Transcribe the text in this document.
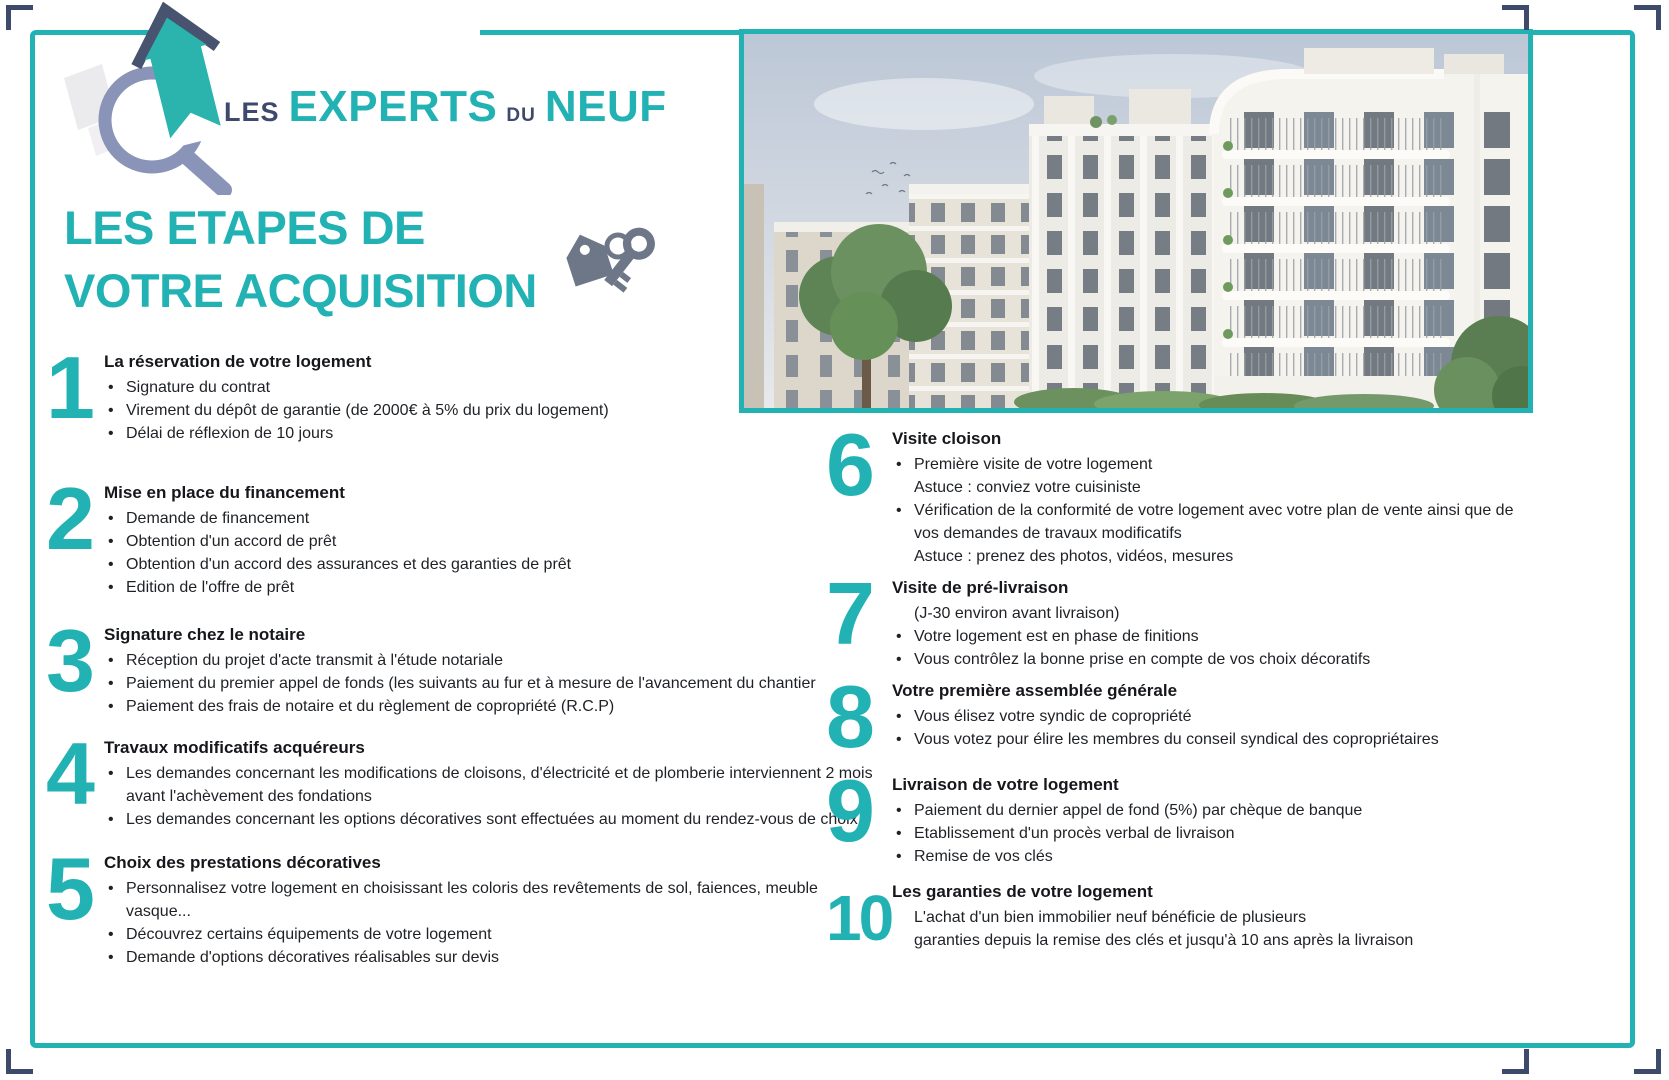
LES EXPERTS DU NEUF
LES ETAPES DE
VOTRE ACQUISITION
1 La réservation de votre logement
• Signature du contrat
• Virement du dépôt de garantie (de 2000€ à 5% du prix du logement)
• Délai de réflexion de 10 jours
2 Mise en place du financement
• Demande de financement
• Obtention d'un accord de prêt
• Obtention d'un accord des assurances et des garanties de prêt
• Edition de l'offre de prêt
3 Signature chez le notaire
• Réception du projet d'acte transmit à l'étude notariale
• Paiement du premier appel de fonds (les suivants au fur et à mesure de l'avancement du chantier
• Paiement des frais de notaire et du règlement de copropriété (R.C.P)
4 Travaux modificatifs acquéreurs
• Les demandes concernant les modifications de cloisons, d'électricité et de plomberie interviennent 2 mois avant l'achèvement des fondations
• Les demandes concernant les options décoratives sont effectuées au moment du rendez-vous de choix
5 Choix des prestations décoratives
• Personnalisez votre logement en choisissant les coloris des revêtements de sol, faiences, meuble vasque...
• Découvrez certains équipements de votre logement
• Demande d'options décoratives réalisables sur devis
6	Visite cloison
• Première visite de votre logement
Astuce : conviez votre cuisiniste
• Vérification de la conformité de votre logement avec votre plan de vente ainsi que de vos demandes de travaux modificatifs
Astuce : prenez des photos, vidéos, mesures
7	Visite de pré-livraison
(J-30 environ avant livraison)
• Votre logement est en phase de finitions
• Vous contrôlez la bonne prise en compte de vos choix décoratifs
8	Votre première assemblée générale
• Vous élisez votre syndic de copropriété
• Vous votez pour élire les membres du conseil syndical des copropriétaires
9	Livraison de votre logement
• Paiement du dernier appel de fond (5%) par chèque de banque
• Etablissement d'un procès verbal de livraison
• Remise de vos clés
10 Les garanties de votre logement
L'achat d'un bien immobilier neuf bénéficie de plusieurs
garanties depuis la remise des clés et jusqu'à 10 ans après la livraison
